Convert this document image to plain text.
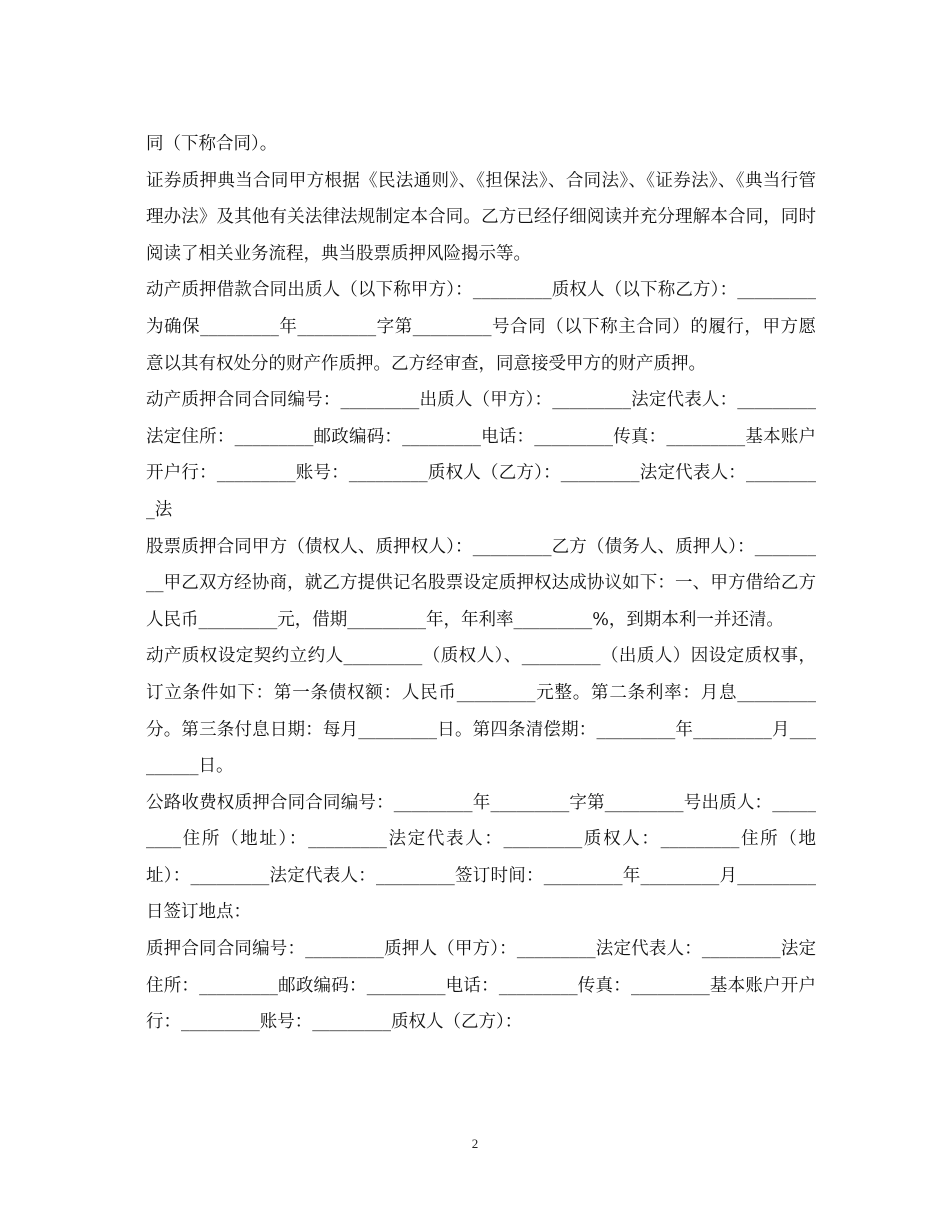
同（下称合同）。

证券质押典当合同甲方根据《民法通则》、《担保法》、合同法》、《证券法》、《典当行管理办法》及其他有关法律法规制定本合同。乙方已经仔细阅读并充分理解本合同，同时阅读了相关业务流程，典当股票质押风险揭示等。

动产质押借款合同出质人（以下称甲方）：_________质权人（以下称乙方）：_________为确保_________年_________字第_________号合同（以下称主合同）的履行，甲方愿意以其有权处分的财产作质押。乙方经审查，同意接受甲方的财产质押。

动产质押合同合同编号：_________出质人（甲方）：_________法定代表人：_________法定住所：_________邮政编码：_________电话：_________传真：_________基本账户开户行：_________账号：_________质权人（乙方）：_________法定代表人：_________法

股票质押合同甲方（债权人、质押权人）：_________乙方（债务人、质押人）：_________甲乙双方经协商，就乙方提供记名股票设定质押权达成协议如下：一、甲方借给乙方人民币_________元，借期_________年，年利率_________%，到期本利一并还清。

动产质权设定契约立约人_________（质权人）、_________（出质人）因设定质权事，订立条件如下：第一条债权额：人民币_________元整。第二条利率：月息_________分。第三条付息日期：每月_________日。第四条清偿期：_________年_________月_________日。

公路收费权质押合同合同编号：_________年_________字第_________号出质人：_________住所（地址）：_________法定代表人：_________质权人：_________住所（地址）：_________法定代表人：_________签订时间：_________年_________月_________日签订地点：

质押合同合同编号：_________质押人（甲方）：_________法定代表人：_________法定住所：_________邮政编码：_________电话：_________传真：_________基本账户开户行：_________账号：_________质权人（乙方）：

2
